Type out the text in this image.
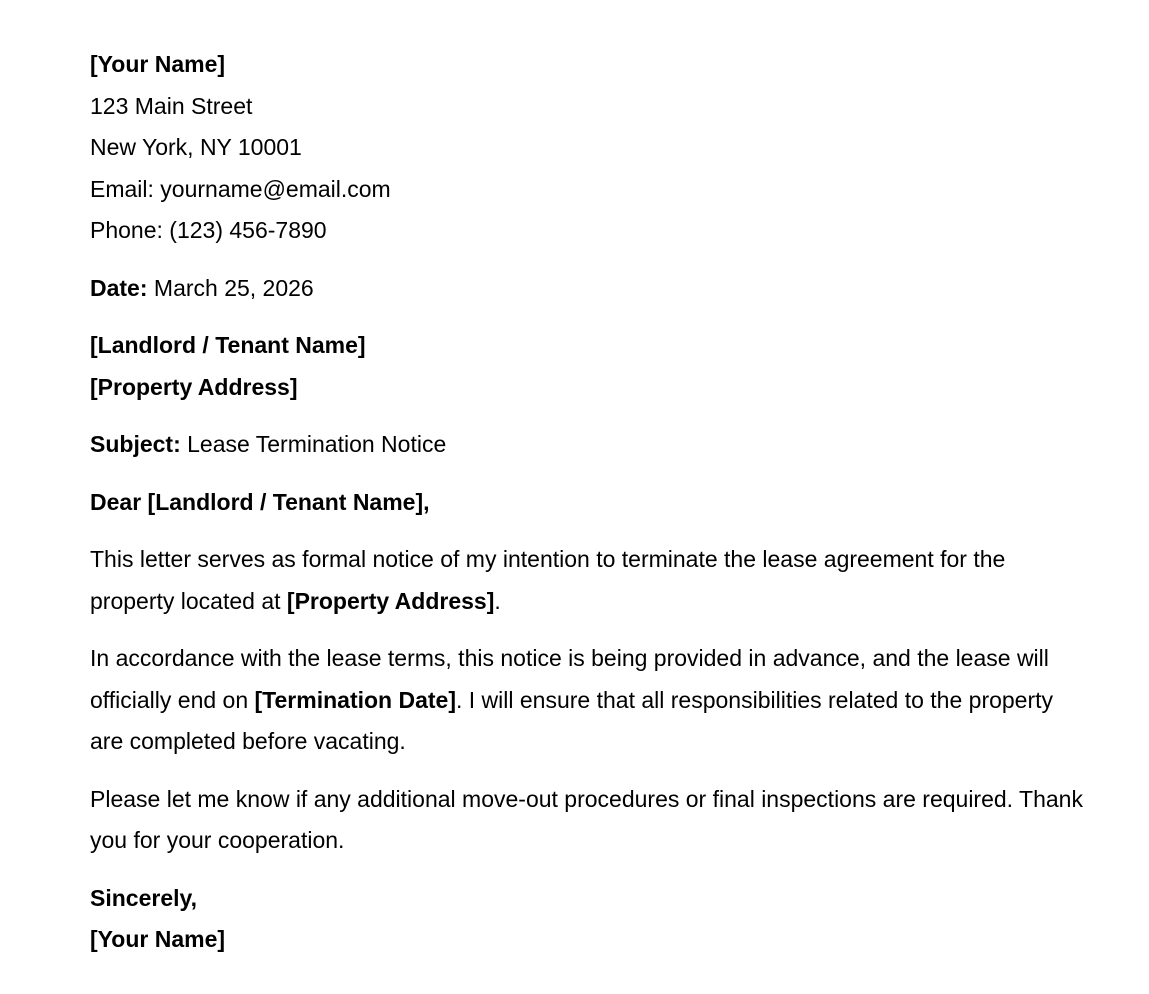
[Your Name]
123 Main Street
New York, NY 10001
Email: yourname@email.com
Phone: (123) 456-7890
Date: March 25, 2026
[Landlord / Tenant Name]
[Property Address]
Subject: Lease Termination Notice
Dear [Landlord / Tenant Name],
This letter serves as formal notice of my intention to terminate the lease agreement for the property located at [Property Address].
In accordance with the lease terms, this notice is being provided in advance, and the lease will officially end on [Termination Date]. I will ensure that all responsibilities related to the property are completed before vacating.
Please let me know if any additional move-out procedures or final inspections are required. Thank you for your cooperation.
Sincerely,
[Your Name]
